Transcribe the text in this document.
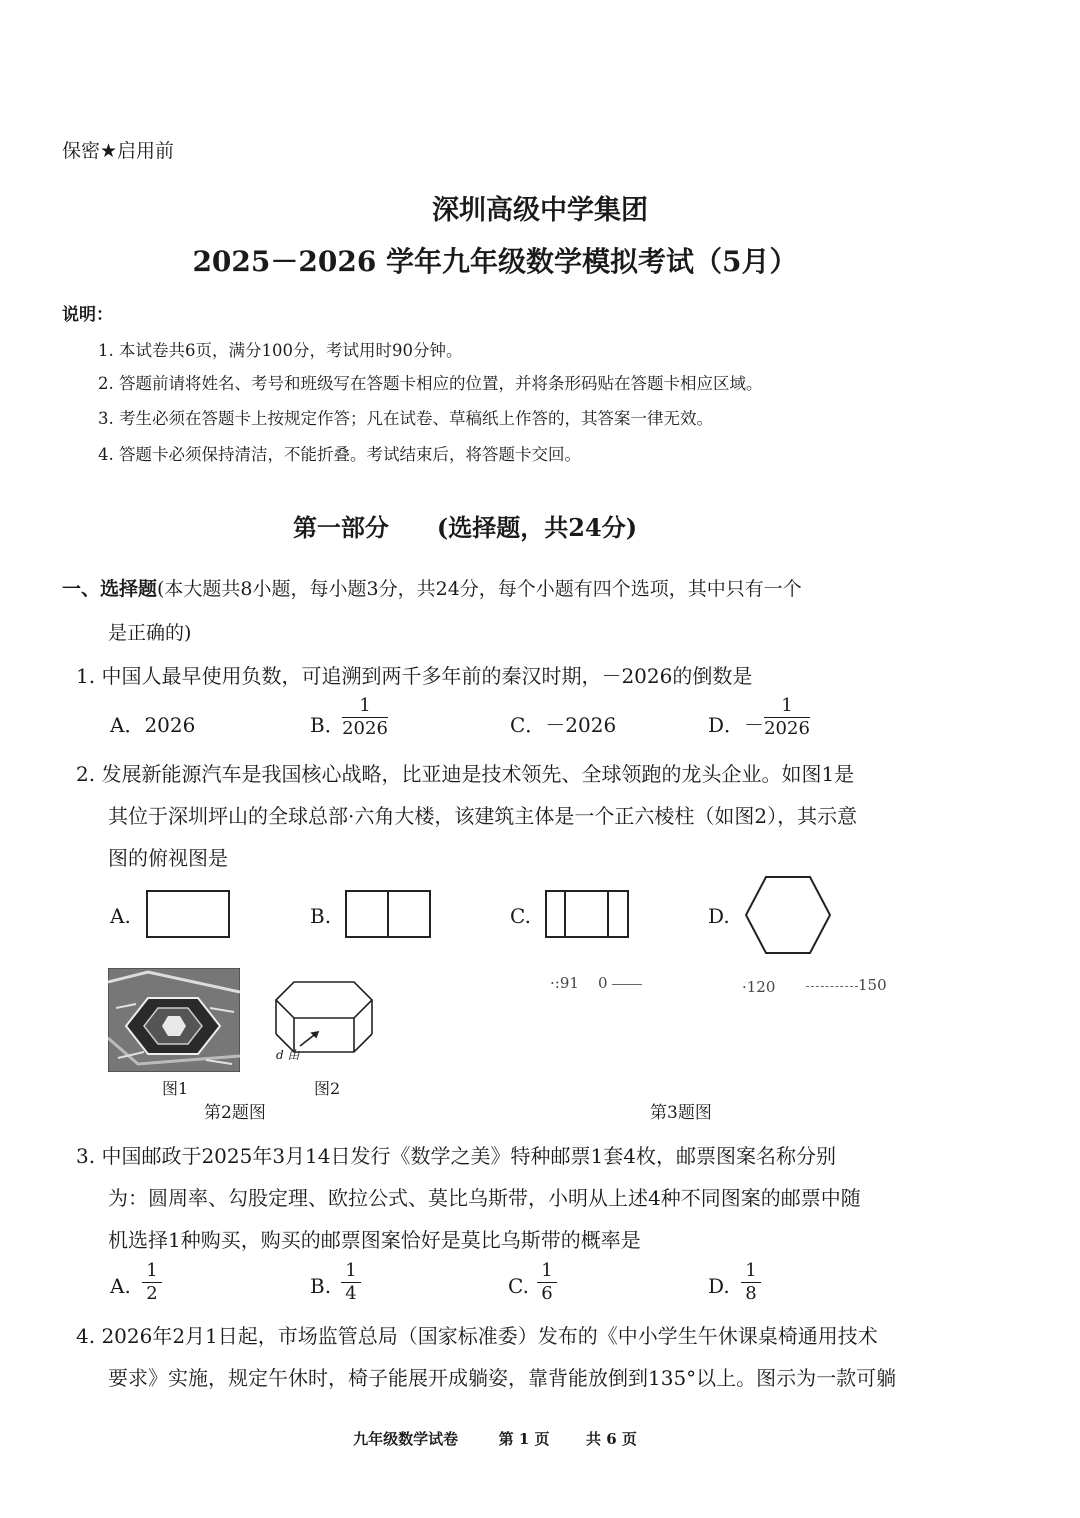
保密★启用前
深圳高级中学集团
2025－2026 学年九年级数学模拟考试（5月）
说明：
1. 本试卷共6页，满分100分，考试用时90分钟。
2. 答题前请将姓名、考号和班级写在答题卡相应的位置，并将条形码贴在答题卡相应区域。
3. 考生必须在答题卡上按规定作答；凡在试卷、草稿纸上作答的，其答案一律无效。
4. 答题卡必须保持清洁，不能折叠。考试结束后，将答题卡交回。
第一部分　　(选择题，共24分)
一、选择题(本大题共8小题，每小题3分，共24分，每个小题有四个选项，其中只有一个
是正确的)
1. 中国人最早使用负数，可追溯到两千多年前的秦汉时期，－2026的倒数是
A．2026	B．
1
2026	C．－2026	D．－
1
2026
2. 发展新能源汽车是我国核心战略，比亚迪是技术领先、全球领跑的龙头企业。如图1是
其位于深圳坪山的全球总部·六角大楼，该建筑主体是一个正六棱柱（如图2），其示意
图的俯视图是
A.	B.	C.	D.
图1
d 由
图2
第2题图
·:91 0	·120	150
第3题图
3. 中国邮政于2025年3月14日发行《数学之美》特种邮票1套4枚，邮票图案名称分别
为：圆周率、勾股定理、欧拉公式、莫比乌斯带，小明从上述4种不同图案的邮票中随
机选择1种购买，购买的邮票图案恰好是莫比乌斯带的概率是
A.
1
2	B.
1
4	C.
1
6	D.
1
8
4. 2026年2月1日起，市场监管总局（国家标准委）发布的《中小学生午休课桌椅通用技术
要求》实施，规定午休时，椅子能展开成躺姿，靠背能放倒到135°以上。图示为一款可躺
九年级数学试卷	第 1 页 共 6 页
